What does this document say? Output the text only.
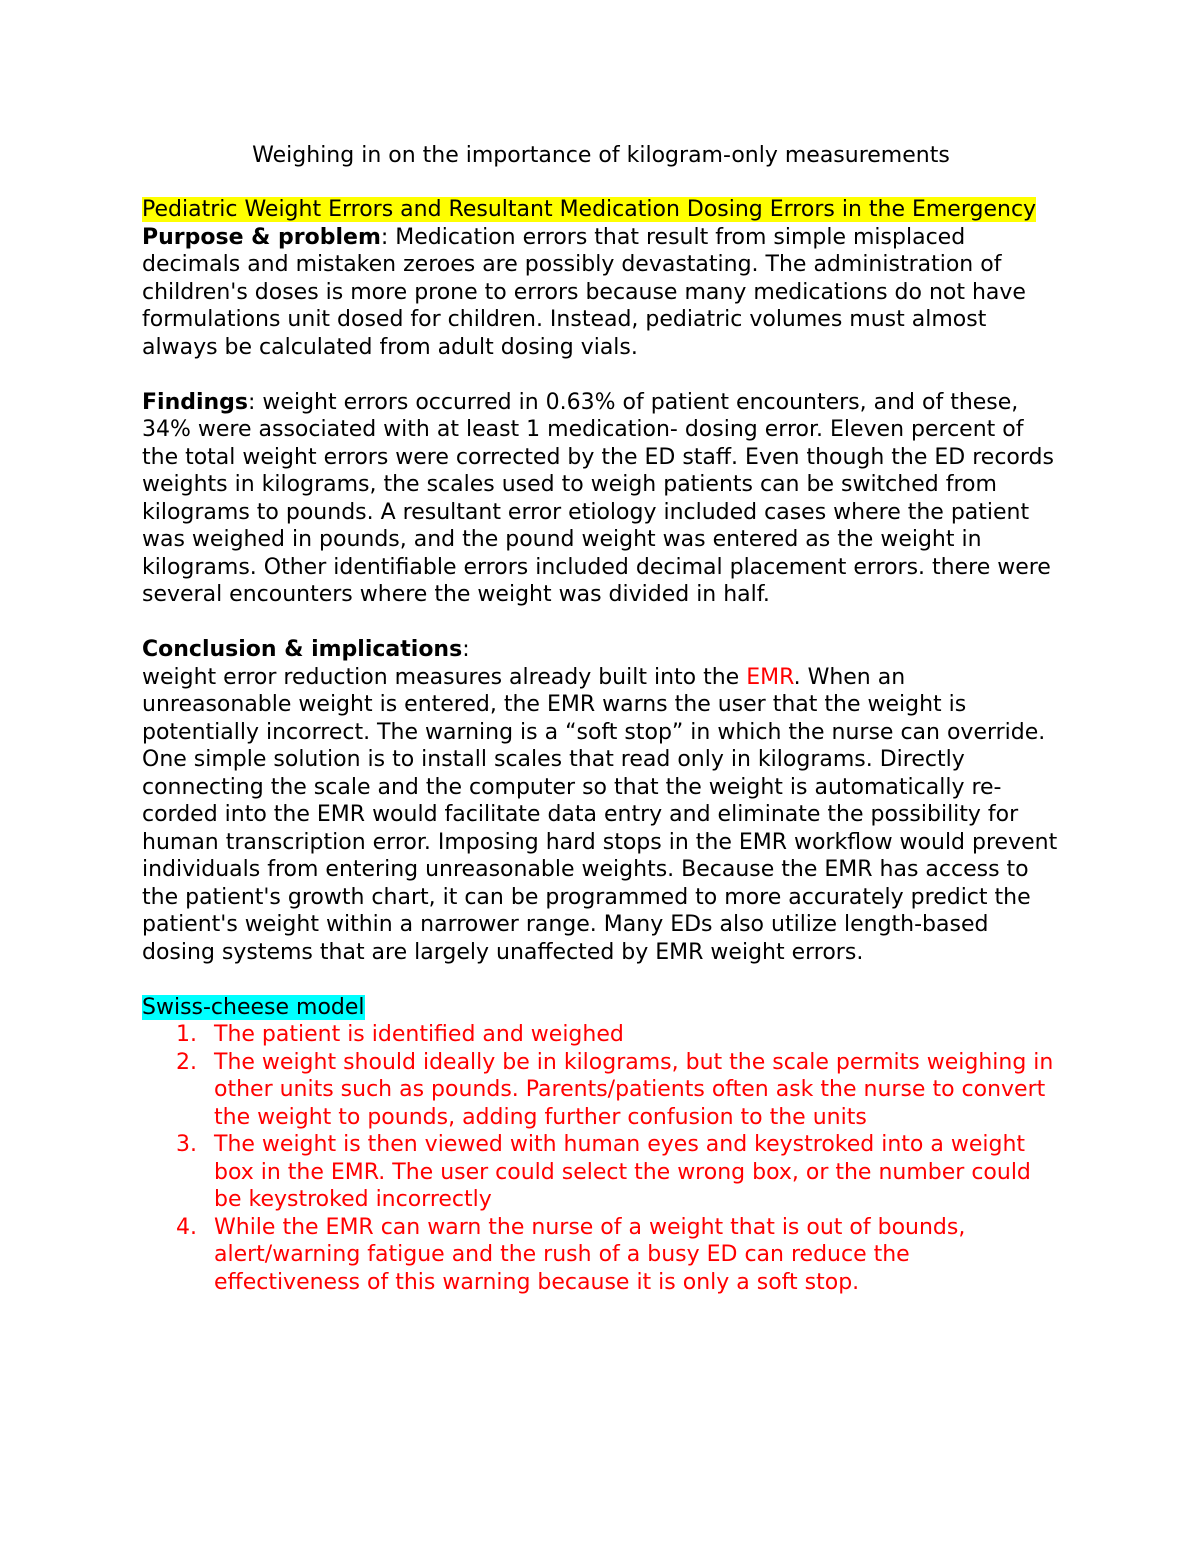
Weighing in on the importance of kilogram-only measurements

Pediatric Weight Errors and Resultant Medication Dosing Errors in the Emergency

Purpose & problem: Medication errors that result from simple misplaced decimals and mistaken zeroes are possibly devastating. The administration of children's doses is more prone to errors because many medications do not have formulations unit dosed for children. Instead, pediatric volumes must almost always be calculated from adult dosing vials.

Findings: weight errors occurred in 0.63% of patient encounters, and of these, 34% were associated with at least 1 medication- dosing error. Eleven percent of the total weight errors were corrected by the ED staff. Even though the ED records weights in kilograms, the scales used to weigh patients can be switched from kilograms to pounds. A resultant error etiology included cases where the patient was weighed in pounds, and the pound weight was entered as the weight in kilograms. Other identifiable errors included decimal placement errors. there were several encounters where the weight was divided in half.

Conclusion & implications:

weight error reduction measures already built into the EMR. When an unreasonable weight is entered, the EMR warns the user that the weight is potentially incorrect. The warning is a “soft stop” in which the nurse can override. One simple solution is to install scales that read only in kilograms. Directly connecting the scale and the computer so that the weight is automatically re- corded into the EMR would facilitate data entry and eliminate the possibility for human transcription error. Imposing hard stops in the EMR workflow would prevent individuals from entering unreasonable weights. Because the EMR has access to the patient's growth chart, it can be programmed to more accurately predict the patient's weight within a narrower range. Many EDs also utilize length-based dosing systems that are largely unaffected by EMR weight errors.

Swiss-cheese model

1. The patient is identified and weighed
2. The weight should ideally be in kilograms, but the scale permits weighing in other units such as pounds. Parents/patients often ask the nurse to convert the weight to pounds, adding further confusion to the units
3. The weight is then viewed with human eyes and keystroked into a weight box in the EMR. The user could select the wrong box, or the number could be keystroked incorrectly
4. While the EMR can warn the nurse of a weight that is out of bounds, alert/warning fatigue and the rush of a busy ED can reduce the effectiveness of this warning because it is only a soft stop.
